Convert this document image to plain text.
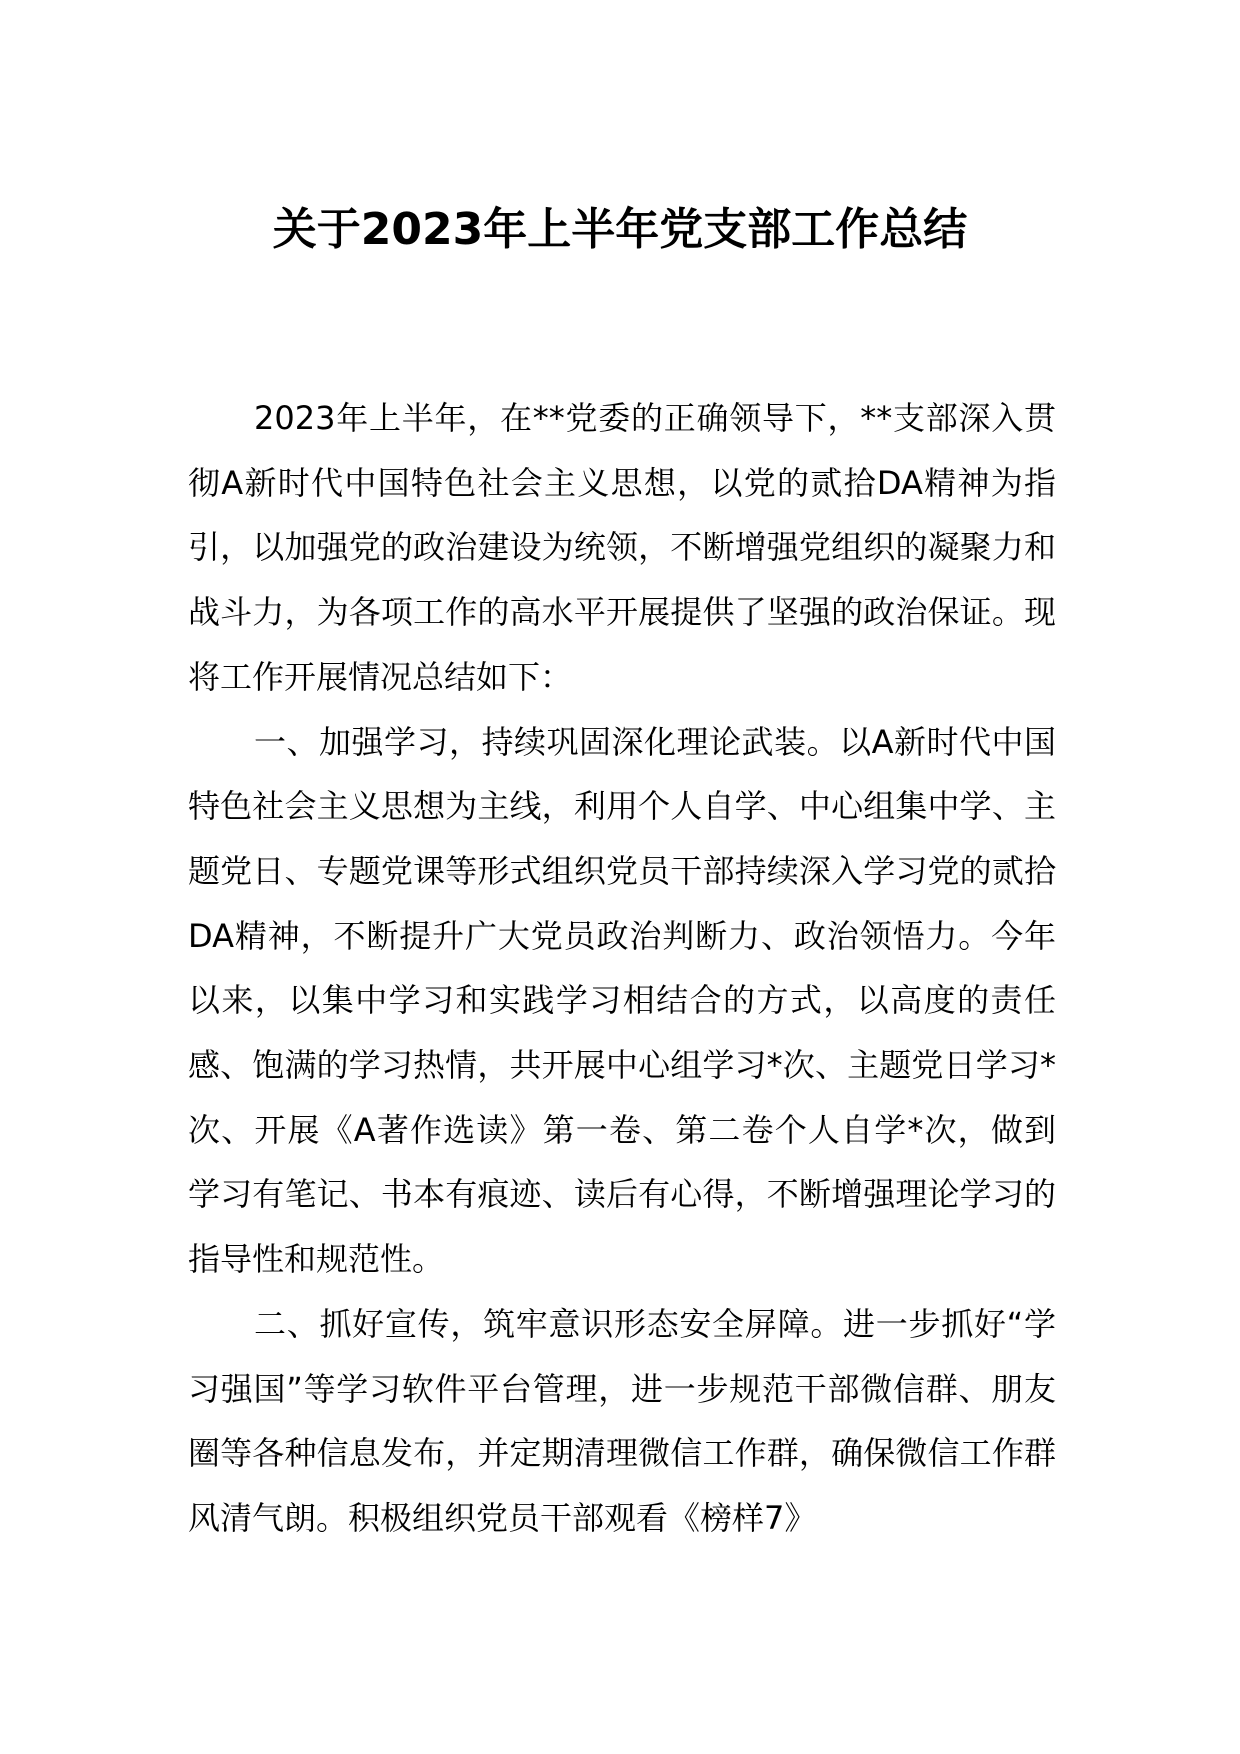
关于2023年上半年党支部工作总结

2023年上半年，在**党委的正确领导下，**支部深入贯彻A新时代中国特色社会主义思想，以党的贰拾DA精神为指引，以加强党的政治建设为统领，不断增强党组织的凝聚力和战斗力，为各项工作的高水平开展提供了坚强的政治保证。现将工作开展情况总结如下：

一、加强学习，持续巩固深化理论武装。以A新时代中国特色社会主义思想为主线，利用个人自学、中心组集中学、主题党日、专题党课等形式组织党员干部持续深入学习党的贰拾DA精神，不断提升广大党员政治判断力、政治领悟力。今年以来，以集中学习和实践学习相结合的方式，以高度的责任感、饱满的学习热情，共开展中心组学习*次、主题党日学习*次、开展《A著作选读》第一卷、第二卷个人自学*次，做到学习有笔记、书本有痕迹、读后有心得，不断增强理论学习的指导性和规范性。

二、抓好宣传，筑牢意识形态安全屏障。进一步抓好“学习强国”等学习软件平台管理，进一步规范干部微信群、朋友圈等各种信息发布，并定期清理微信工作群，确保微信工作群风清气朗。积极组织党员干部观看《榜样7》
